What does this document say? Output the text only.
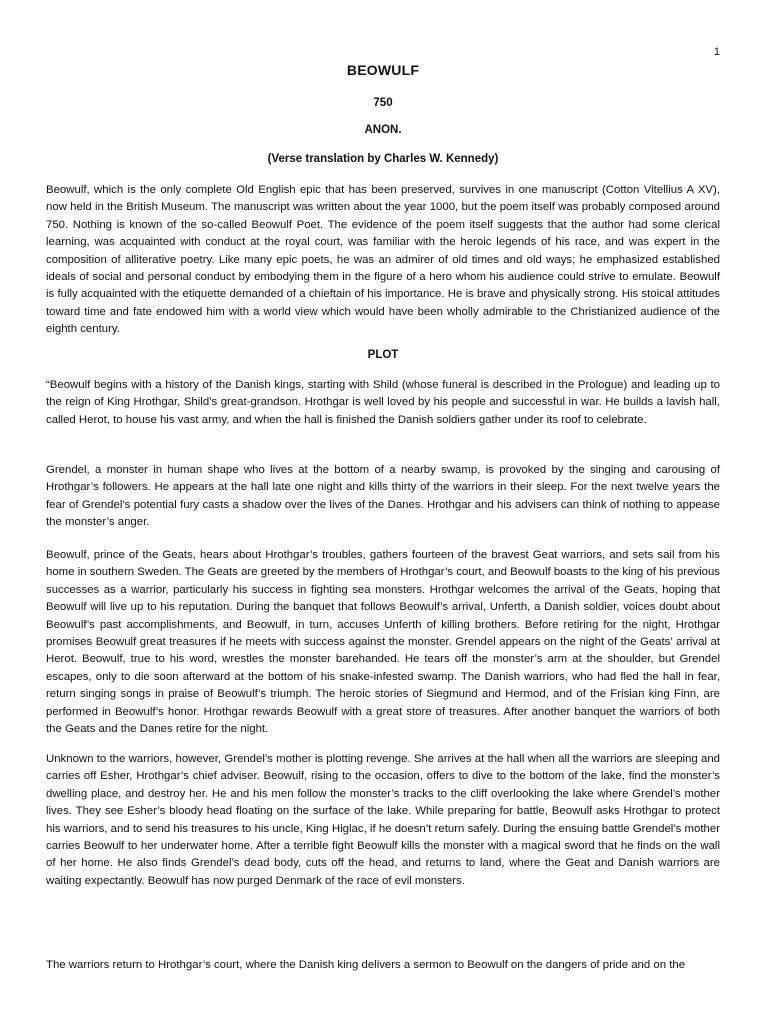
1
BEOWULF
750
ANON.
(Verse translation by Charles W. Kennedy)

Beowulf, which is the only complete Old English epic that has been preserved, survives in one manuscript (Cotton Vitellius A XV), now held in the British Museum. The manuscript was written about the year 1000, but the poem itself was probably composed around 750. Nothing is known of the so-called Beowulf Poet. The evidence of the poem itself suggests that the author had some clerical learning, was acquainted with conduct at the royal court, was familiar with the heroic legends of his race, and was expert in the composition of alliterative poetry. Like many epic poets, he was an admirer of old times and old ways; he emphasized established ideals of social and personal conduct by embodying them in the figure of a hero whom his audience could strive to emulate. Beowulf is fully acquainted with the etiquette demanded of a chieftain of his importance. He is brave and physically strong. His stoical attitudes toward time and fate endowed him with a world view which would have been wholly admirable to the Christianized audience of the eighth century.

PLOT

“Beowulf begins with a history of the Danish kings, starting with Shild (whose funeral is described in the Prologue) and leading up to the reign of King Hrothgar, Shild’s great-grandson. Hrothgar is well loved by his people and successful in war. He builds a lavish hall, called Herot, to house his vast army, and when the hall is finished the Danish soldiers gather under its roof to celebrate.

Grendel, a monster in human shape who lives at the bottom of a nearby swamp, is provoked by the singing and carousing of Hrothgar’s followers. He appears at the hall late one night and kills thirty of the warriors in their sleep. For the next twelve years the fear of Grendel’s potential fury casts a shadow over the lives of the Danes. Hrothgar and his advisers can think of nothing to appease the monster’s anger.

Beowulf, prince of the Geats, hears about Hrothgar’s troubles, gathers fourteen of the bravest Geat warriors, and sets sail from his home in southern Sweden. The Geats are greeted by the members of Hrothgar’s court, and Beowulf boasts to the king of his previous successes as a warrior, particularly his success in fighting sea monsters. Hrothgar welcomes the arrival of the Geats, hoping that Beowulf will live up to his reputation. During the banquet that follows Beowulf’s arrival, Unferth, a Danish soldier, voices doubt about Beowulf’s past accomplishments, and Beowulf, in turn, accuses Unferth of killing brothers. Before retiring for the night, Hrothgar promises Beowulf great treasures if he meets with success against the monster. Grendel appears on the night of the Geats’ arrival at Herot. Beowulf, true to his word, wrestles the monster barehanded. He tears off the monster’s arm at the shoulder, but Grendel escapes, only to die soon afterward at the bottom of his snake-infested swamp. The Danish warriors, who had fled the hall in fear, return singing songs in praise of Beowulf’s triumph. The heroic stories of Siegmund and Hermod, and of the Frisian king Finn, are performed in Beowulf’s honor. Hrothgar rewards Beowulf with a great store of treasures. After another banquet the warriors of both the Geats and the Danes retire for the night.

Unknown to the warriors, however, Grendel’s mother is plotting revenge. She arrives at the hall when all the warriors are sleeping and carries off Esher, Hrothgar’s chief adviser. Beowulf, rising to the occasion, offers to dive to the bottom of the lake, find the monster’s dwelling place, and destroy her. He and his men follow the monster’s tracks to the cliff overlooking the lake where Grendel’s mother lives. They see Esher’s bloody head floating on the surface of the lake. While preparing for battle, Beowulf asks Hrothgar to protect his warriors, and to send his treasures to his uncle, King Higlac, if he doesn’t return safely. During the ensuing battle Grendel’s mother carries Beowulf to her underwater home. After a terrible fight Beowulf kills the monster with a magical sword that he finds on the wall of her home. He also finds Grendel’s dead body, cuts off the head, and returns to land, where the Geat and Danish warriors are waiting expectantly. Beowulf has now purged Denmark of the race of evil monsters.

The warriors return to Hrothgar’s court, where the Danish king delivers a sermon to Beowulf on the dangers of pride and on the
